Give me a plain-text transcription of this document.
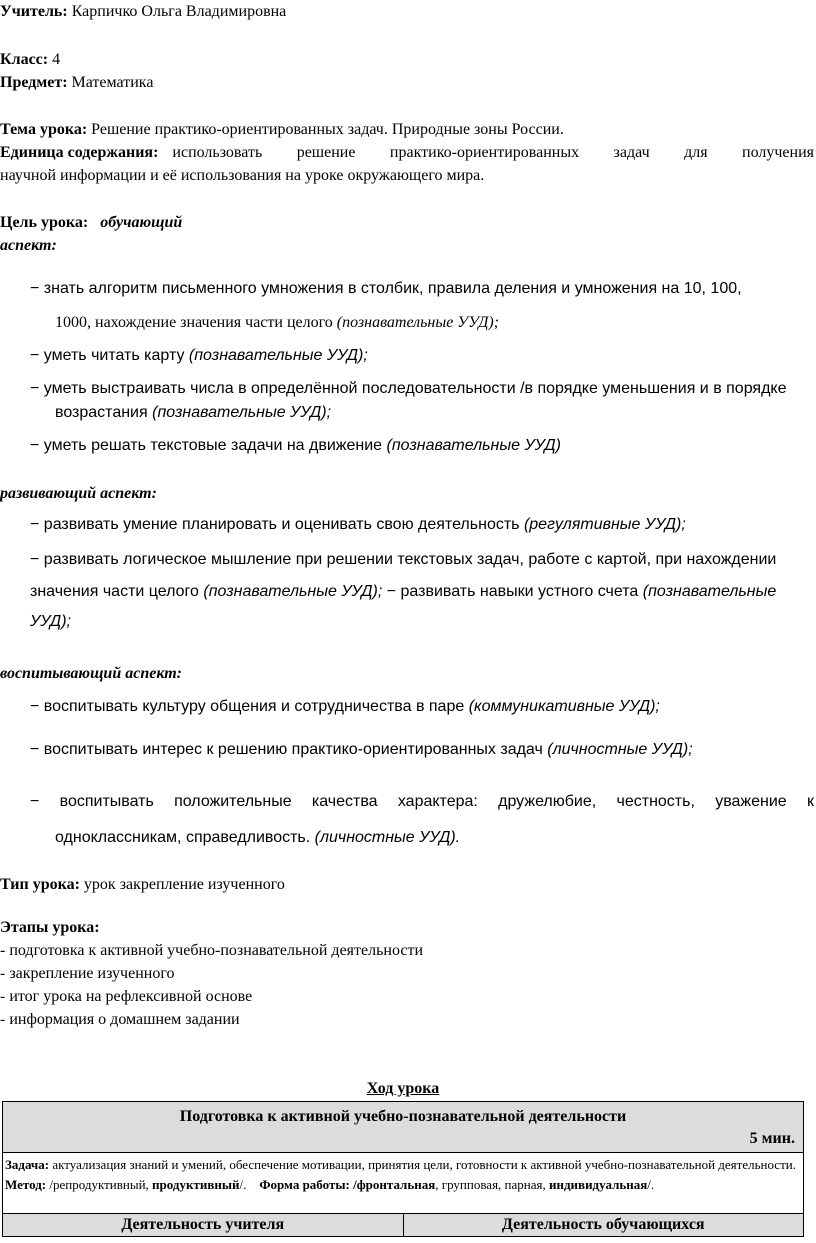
Учитель: Карпичко Ольга Владимировна
Класс: 4
Предмет: Математика
Тема урока: Решение практико-ориентированных задач. Природные зоны России.
Единица содержания: использовать решение практико-ориентированных задач для получения
научной информации и её использования на уроке окружающего мира.
Цель урока: обучающий
аспект:
− знать алгоритм письменного умножения в столбик, правила деления и умножения на 10, 100,
1000, нахождение значения части целого (познавательные УУД);
− уметь читать карту (познавательные УУД);
− уметь выстраивать числа в определённой последовательности /в порядке уменьшения и в порядке
возрастания (познавательные УУД);
− уметь решать текстовые задачи на движение (познавательные УУД)
развивающий аспект:
− развивать умение планировать и оценивать свою деятельность (регулятивные УУД);
− развивать логическое мышление при решении текстовых задач, работе с картой, при нахождении
значения части целого (познавательные УУД); − развивать навыки устного счета (познавательные
УУД);
воспитывающий аспект:
− воспитывать культуру общения и сотрудничества в паре (коммуникативные УУД);
− воспитывать интерес к решению практико-ориентированных задач (личностные УУД);
− воспитывать положительные качества характера: дружелюбие, честность, уважение к
одноклассникам, справедливость. (личностные УУД).
Тип урока: урок закрепление изученного
Этапы урока:
- подготовка к активной учебно-познавательной деятельности
- закрепление изученного
- итог урока на рефлексивной основе
- информация о домашнем задании
Ход урока
Подготовка к активной учебно-познавательной деятельности
5 мин.

Задача: актуализация знаний и умений, обеспечение мотивации, принятия цели, готовности к активной учебно-познавательной деятельности.
Метод: /репродуктивный, продуктивный/.    Форма работы: /фронтальная, групповая, парная, индивидуальная/.

Деятельность учителя	Деятельность обучающихся
